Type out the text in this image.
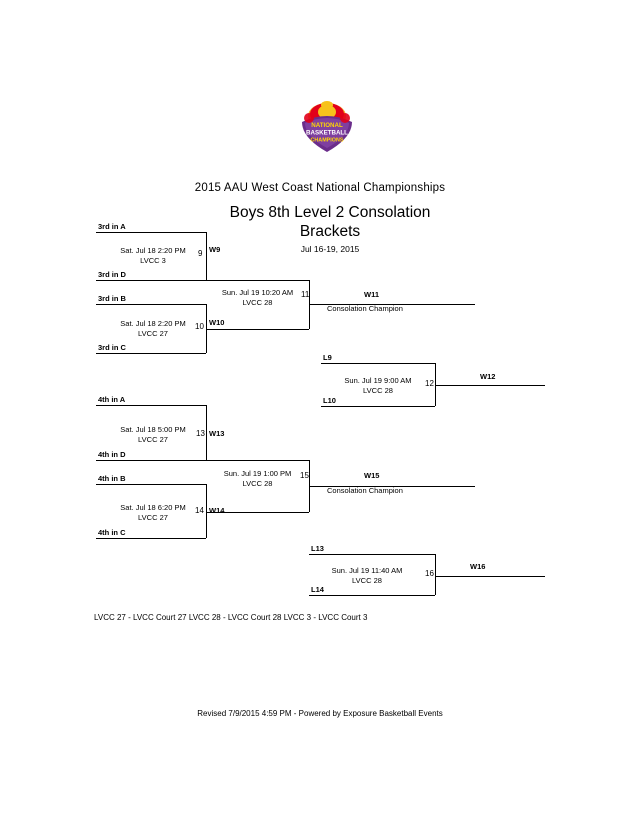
NATIONAL
BASKETBALL
CHAMPIONS
2015 AAU West Coast National Championships
Boys 8th Level 2 Consolation
Brackets
Jul 16-19, 2015
3rd in A
3rd in D
Sat. Jul 18 2:20 PM
LVCC 3
9 W9
3rd in B
3rd in C
Sat. Jul 18 2:20 PM
LVCC 27
10 W10
Sun. Jul 19 10:20 AM
LVCC 28
11	W11
Consolation Champion
L9
L10
Sun. Jul 19 9:00 AM
LVCC 28
12
W12
4th in A
4th in D
Sat. Jul 18 5:00 PM
LVCC 27
13 W13
4th in B
4th in C
Sat. Jul 18 6:20 PM
LVCC 27
14 W14
Sun. Jul 19 1:00 PM
LVCC 28
15	W15
Consolation Champion
L13
L14
Sun. Jul 19 11:40 AM
LVCC 28
16
W16
LVCC 27 - LVCC Court 27 LVCC 28 - LVCC Court 28 LVCC 3 - LVCC Court 3
Revised 7/9/2015 4:59 PM - Powered by Exposure Basketball Events
